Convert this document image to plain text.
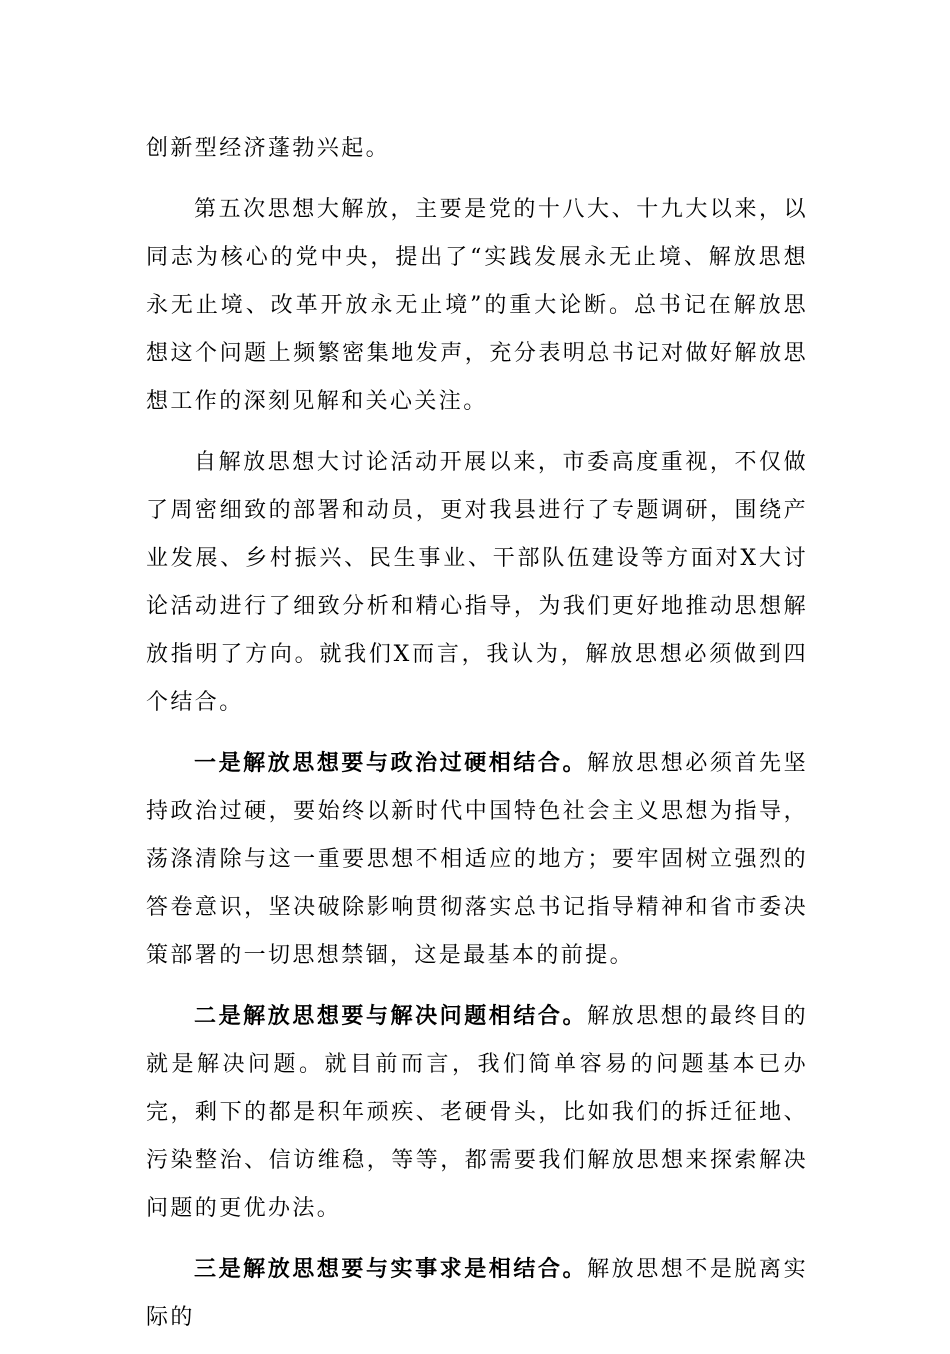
创新型经济蓬勃兴起。

第五次思想大解放，主要是党的十八大、十九大以来，以同志为核心的党中央，提出了“实践发展永无止境、解放思想永无止境、改革开放永无止境”的重大论断。总书记在解放思想这个问题上频繁密集地发声，充分表明总书记对做好解放思想工作的深刻见解和关心关注。

自解放思想大讨论活动开展以来，市委高度重视，不仅做了周密细致的部署和动员，更对我县进行了专题调研，围绕产业发展、乡村振兴、民生事业、干部队伍建设等方面对X大讨论活动进行了细致分析和精心指导，为我们更好地推动思想解放指明了方向。就我们X而言，我认为，解放思想必须做到四个结合。

一是解放思想要与政治过硬相结合。解放思想必须首先坚持政治过硬，要始终以新时代中国特色社会主义思想为指导，荡涤清除与这一重要思想不相适应的地方；要牢固树立强烈的答卷意识，坚决破除影响贯彻落实总书记指导精神和省市委决策部署的一切思想禁锢，这是最基本的前提。

二是解放思想要与解决问题相结合。解放思想的最终目的就是解决问题。就目前而言，我们简单容易的问题基本已办完，剩下的都是积年顽疾、老硬骨头，比如我们的拆迁征地、污染整治、信访维稳，等等，都需要我们解放思想来探索解决问题的更优办法。

三是解放思想要与实事求是相结合。解放思想不是脱离实际的
